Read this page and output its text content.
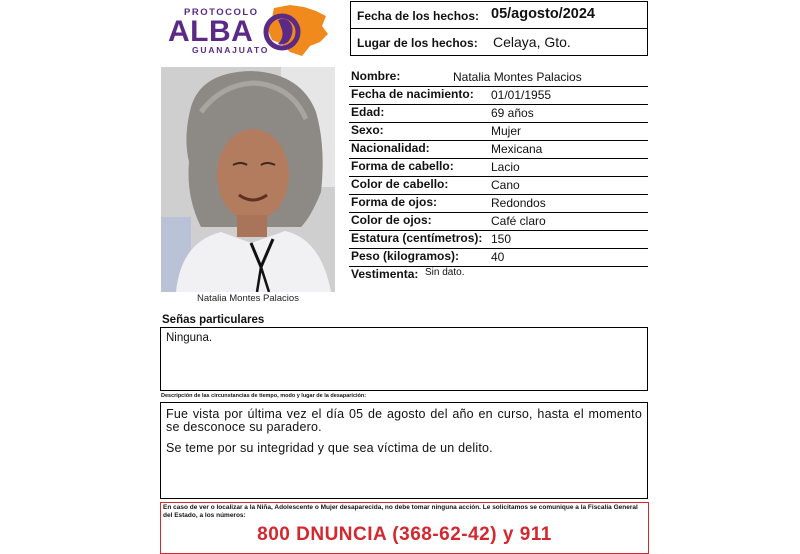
PROTOCOLO
ALBA
GUANAJUATO
Fecha de los hechos: 05/agosto/2024
Lugar de los hechos: Celaya, Gto.
Natalia Montes Palacios
Nombre:	Natalia Montes Palacios
Fecha de nacimiento: 01/01/1955
Edad:	69 años
Sexo:	Mujer
Nacionalidad:	Mexicana
Forma de cabello:	Lacio
Color de cabello:	Cano
Forma de ojos:	Redondos
Color de ojos:	Café claro
Estatura (centímetros): 150
Peso (kilogramos):	40
Vestimenta: Sin dato.
Señas particulares
Ninguna.
Descripción de las circunstancias de tiempo, modo y lugar de la desaparición:

Fue vista por última vez el día 05 de agosto del año en curso, hasta el momento se desconoce su paradero.

Se teme por su integridad y que sea víctima de un delito.

En caso de ver o localizar a la Niña, Adolescente o Mujer desaparecida, no debe tomar ninguna acción. Le solicitamos se comunique a la Fiscalía General del Estado, a los números:
800 DNUNCIA (368-62-42) y 911
